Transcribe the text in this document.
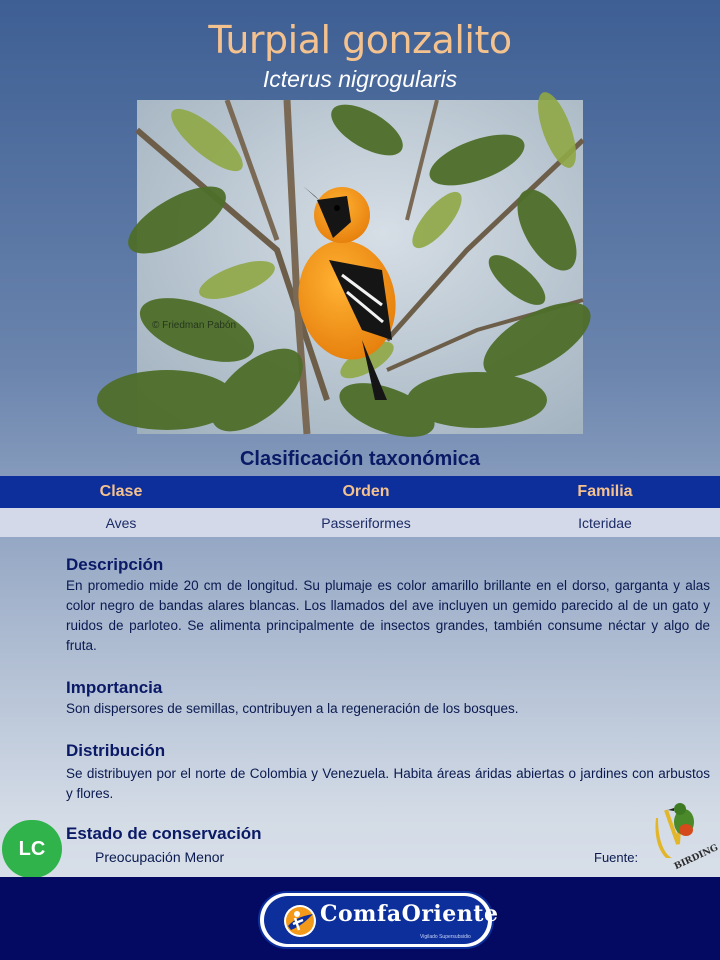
Turpial gonzalito
Icterus nigrogularis
© Friedman Pabón
Clasificación taxonómica
Clase	Orden	Familia
Aves	Passeriformes	Icteridae
Descripción
En promedio mide 20 cm de longitud. Su plumaje es color amarillo brillante en el dorso, garganta y alas color negro de bandas alares blancas. Los llamados del ave incluyen un gemido parecido al de un gato y ruidos de parloteo. Se alimenta principalmente de insectos grandes, también consume néctar y algo de fruta.
Importancia
Son dispersores de semillas, contribuyen a la regeneración de los bosques.
Distribución
Se distribuyen por el norte de Colombia y Venezuela. Habita áreas áridas abiertas o jardines con arbustos y flores.
LC
Estado de conservación
Preocupación Menor	Fuente:	BIRDING
ComfaOriente
Vigilado Supersubsidio
